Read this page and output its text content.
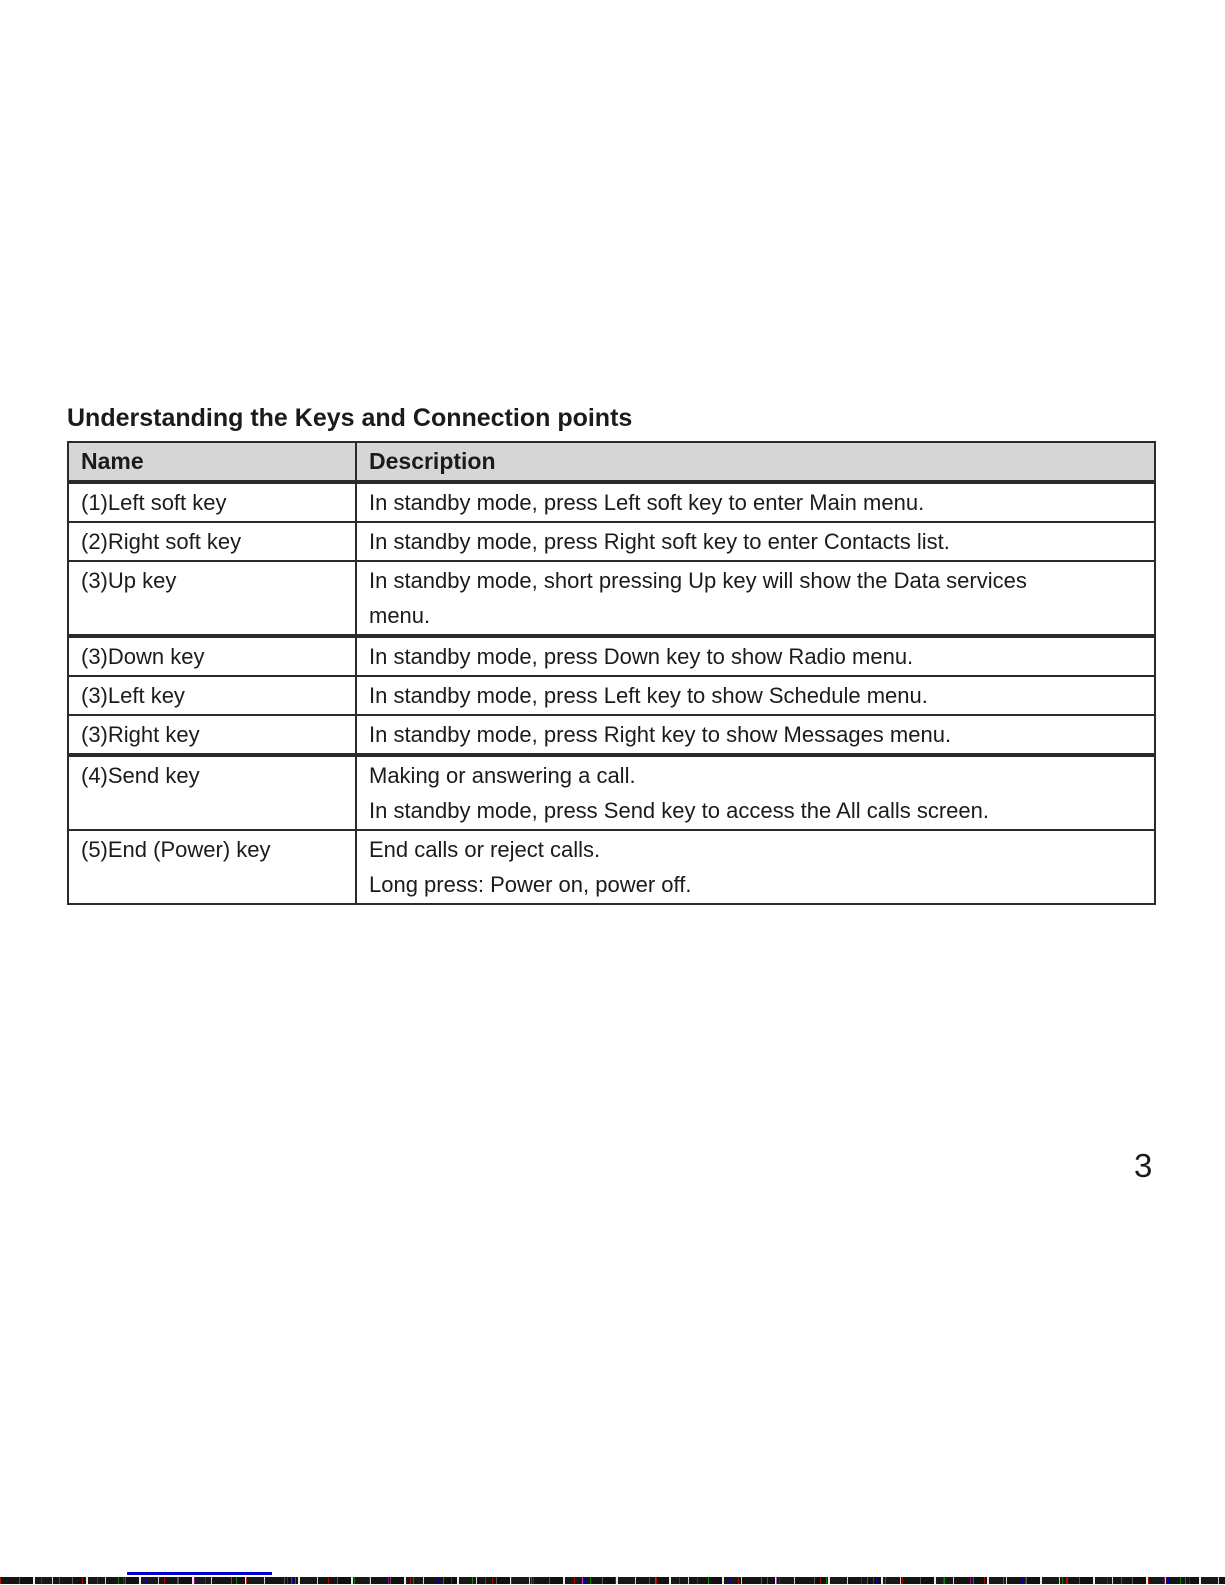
Understanding the Keys and Connection points
Name	Description

(1)Left soft key	In standby mode, press Left soft key to enter Main menu.

(2)Right soft key	In standby mode, press Right soft key to enter Contacts list.

(3)Up key	In standby mode, short pressing Up key will show the Data services
menu.

(3)Down key	In standby mode, press Down key to show Radio menu.

(3)Left key	In standby mode, press Left key to show Schedule menu.

(3)Right key	In standby mode, press Right key to show Messages menu.

(4)Send key	Making or answering a call.
In standby mode, press Send key to access the All calls screen.

(5)End (Power) key	End calls or reject calls.
Long press: Power on, power off.
3
